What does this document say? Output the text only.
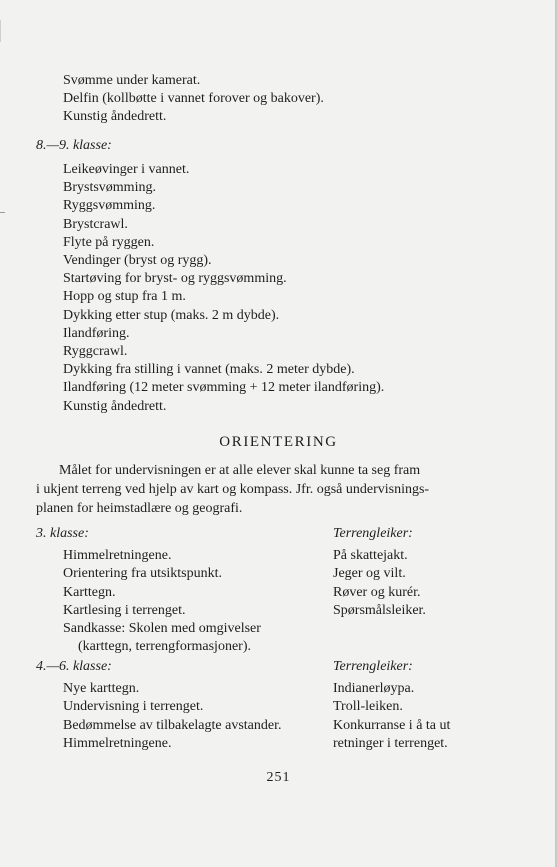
Svømme under kamerat.
Delfin (kollbøtte i vannet forover og bakover).
Kunstig åndedrett.
8.—9. klasse:
Leikeøvinger i vannet.
Brystsvømming.
Ryggsvømming.
Brystcrawl.
Flyte på ryggen.
Vendinger (bryst og rygg).
Startøving for bryst- og ryggsvømming.
Hopp og stup fra 1 m.
Dykking etter stup (maks. 2 m dybde).
Ilandføring.
Ryggcrawl.
Dykking fra stilling i vannet (maks. 2 meter dybde).
Ilandføring (12 meter svømming + 12 meter ilandføring).
Kunstig åndedrett.
ORIENTERING
Målet for undervisningen er at alle elever skal kunne ta seg fram
i ukjent terreng ved hjelp av kart og kompass. Jfr. også undervisnings-
planen for heimstadlære og geografi.
3. klasse:
Himmelretningene.
Orientering fra utsiktspunkt.
Karttegn.
Kartlesing i terrenget.
Sandkasse: Skolen med omgivelser
(karttegn, terrengformasjoner).
Terrengleiker:
På skattejakt.
Jeger og vilt.
Røver og kurér.
Spørsmålsleiker.
4.—6. klasse:
Nye karttegn.
Undervisning i terrenget.
Bedømmelse av tilbakelagte avstander.
Himmelretningene.
Terrengleiker:
Indianerløypa.
Troll-leiken.
Konkurranse i å ta ut
retninger i terrenget.
251
